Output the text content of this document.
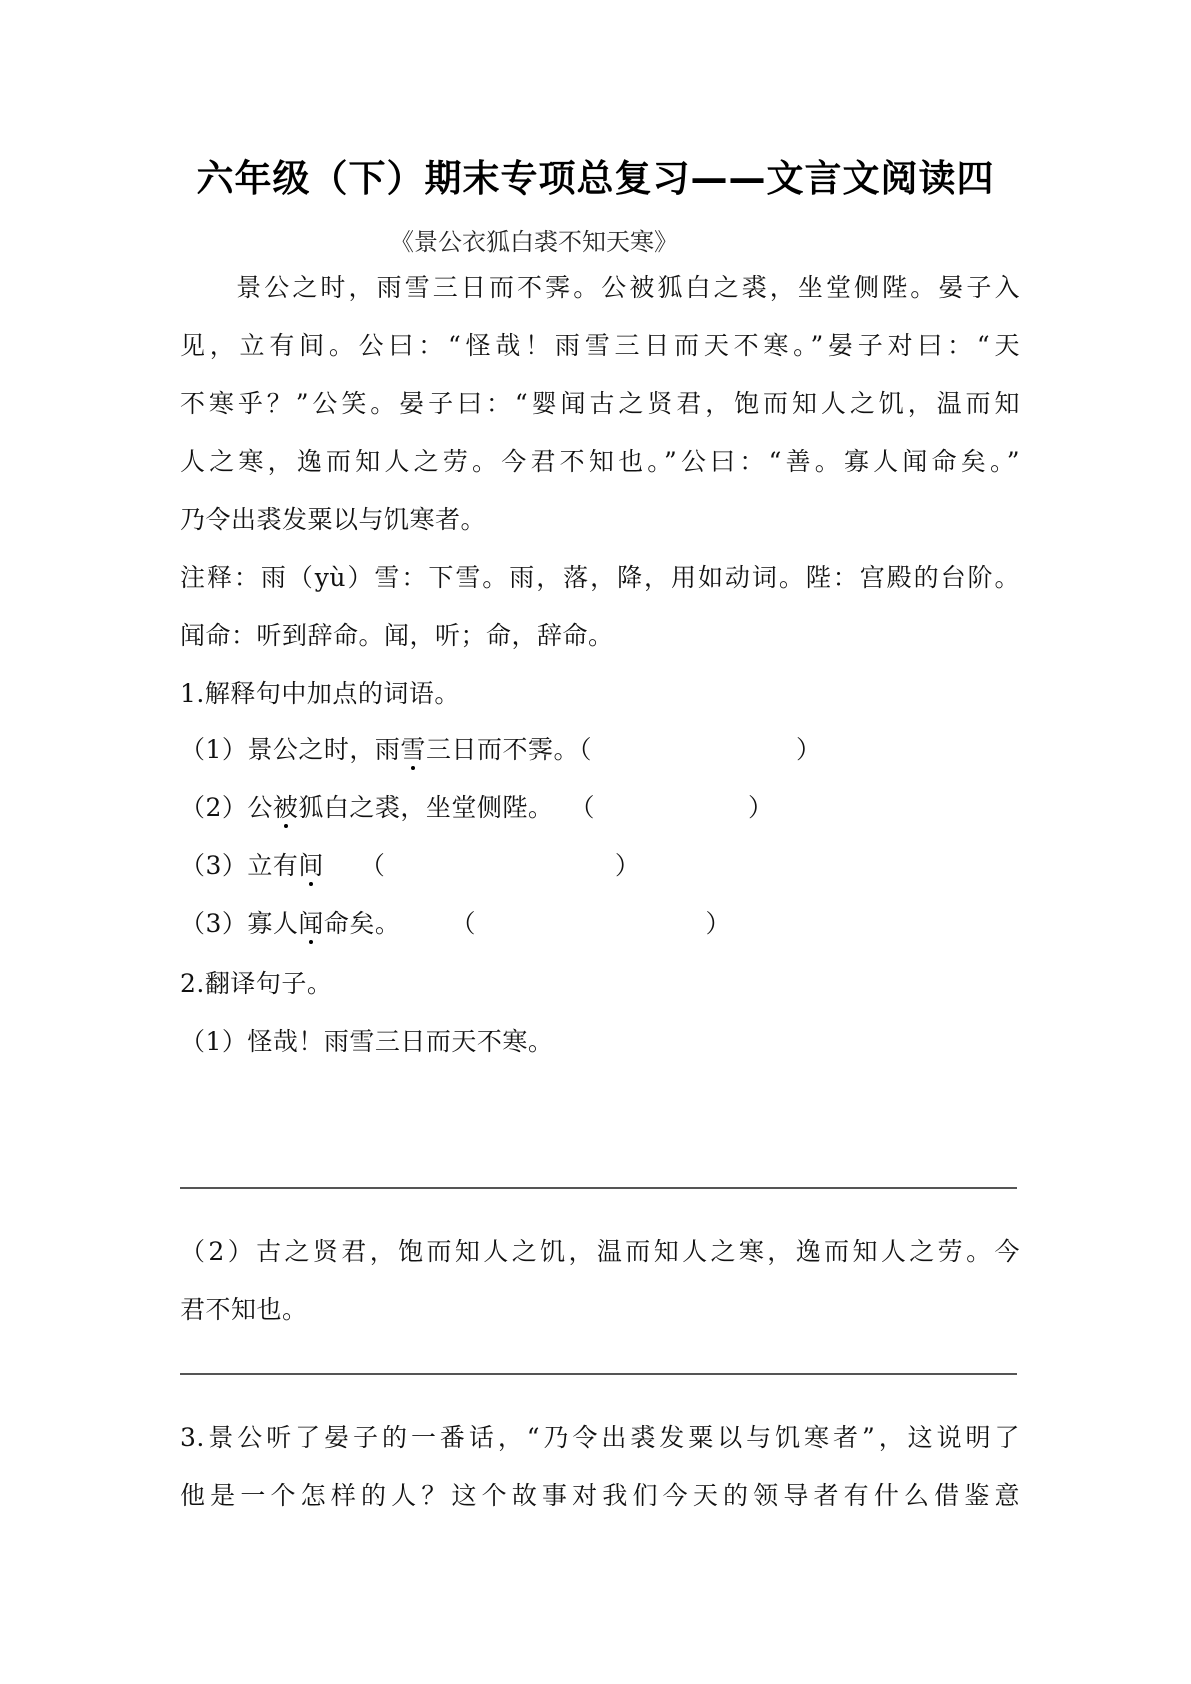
六年级（下）期末专项总复习——文言文阅读四
《景公衣狐白裘不知天寒》
　　景公之时，雨雪三日而不霁。公被狐白之裘，坐堂侧陛。晏子入
见，立有间。公曰：“怪哉！雨雪三日而天不寒。”晏子对曰：“天
不寒乎？”公笑。晏子曰：“婴闻古之贤君，饱而知人之饥，温而知
人之寒，逸而知人之劳。今君不知也。”公曰：“善。寡人闻命矣。”
乃令出裘发粟以与饥寒者。
注释：雨（yù）雪：下雪。雨，落，降，用如动词。陛：宫殿的台阶。
闻命：听到辞命。闻，听；命，辞命。
1.解释句中加点的词语。
（1）景公之时，雨雪三日而不霁。（　　　　　　　　）
（2）公被狐白之裘，坐堂侧陛。 （　　　　　　）
（3）立有间 （　　　　　　　　　）
（3）寡人闻命矣。 （　　　　　　　　　）
2.翻译句子。
（1）怪哉！雨雪三日而天不寒。
（2）古之贤君，饱而知人之饥，温而知人之寒，逸而知人之劳。今
君不知也。
3.景公听了晏子的一番话，“乃令出裘发粟以与饥寒者”，这说明了
他是一个怎样的人？这个故事对我们今天的领导者有什么借鉴意
